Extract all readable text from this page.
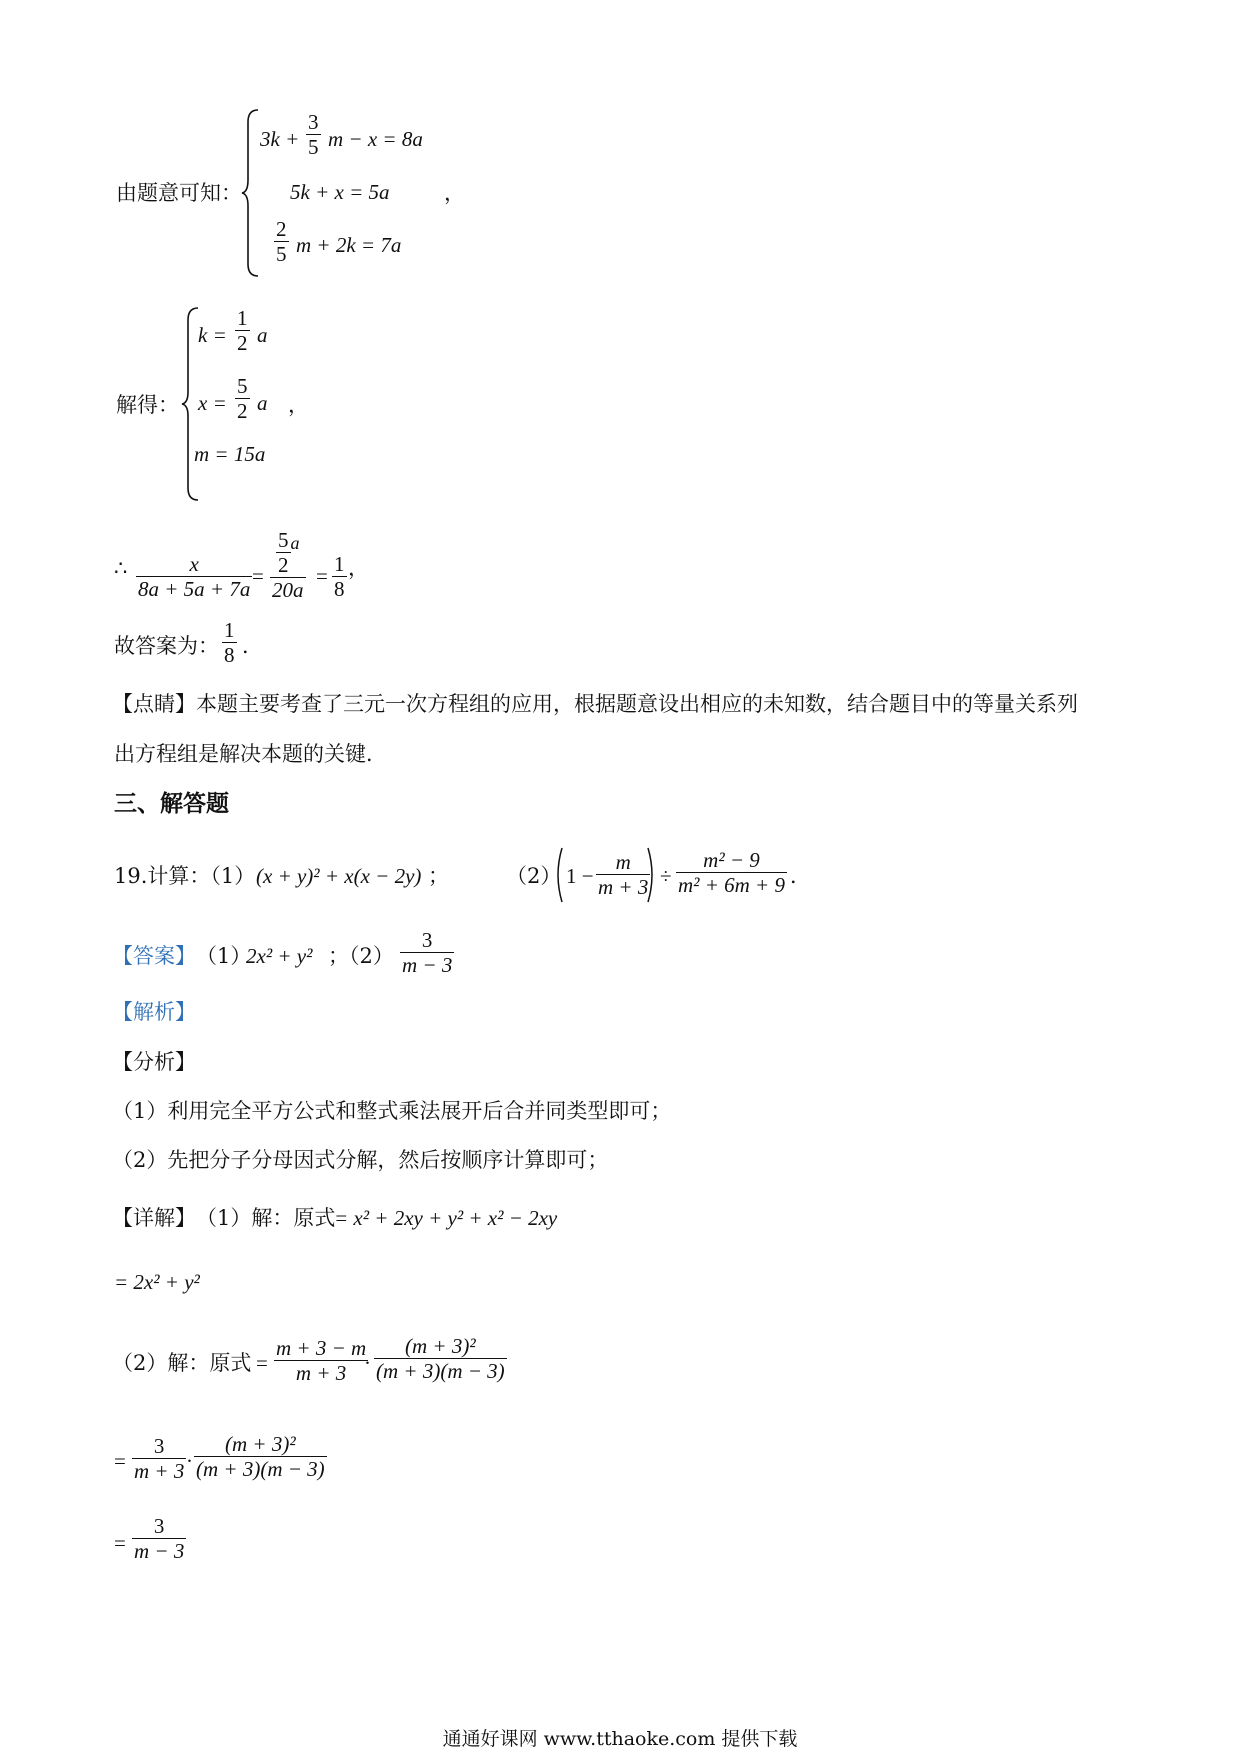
由题意可知：
3k +
3
5 m − x = 8a
5k + x = 5a
2
5 m + 2k = 7a
，
解得：
k =
1
2 a
x =
5
2 a ，
m = 15a
∴	x
8a + 5a + 7a
= $\frac{5}{2}$ a
20a
= 1
8
，
故答案为：
1
8 ．
【点睛】本题主要考查了三元一次方程组的应用，根据题意设出相应的未知数，结合题目中的等量关系列
出方程组是解决本题的关键．
三、解答题
19.计算：（1） (x + y)² + x(x − 2y) ；	（2） 1 −
m
m + 3 ÷
m² − 9
m² + 6m + 9 ．
【答案】 （1）
2x² + y² ；（2）
3
m − 3
【解析】
【分析】
（1）利用完全平方公式和整式乘法展开后合并同类型即可；
（2）先把分子分母因式分解，然后按顺序计算即可；
【详解】 （1）解：原式
= x² + 2xy + y² + x² − 2xy
= 2x² + y²
（2）解：原式 =
m + 3 − m
m + 3 ·
(m + 3)²
(m + 3)(m − 3)
=
3
m + 3 ·
(m + 3)²
(m + 3)(m − 3)
=
3
m − 3
通通好课网 www.tthaoke.com 提供下载
